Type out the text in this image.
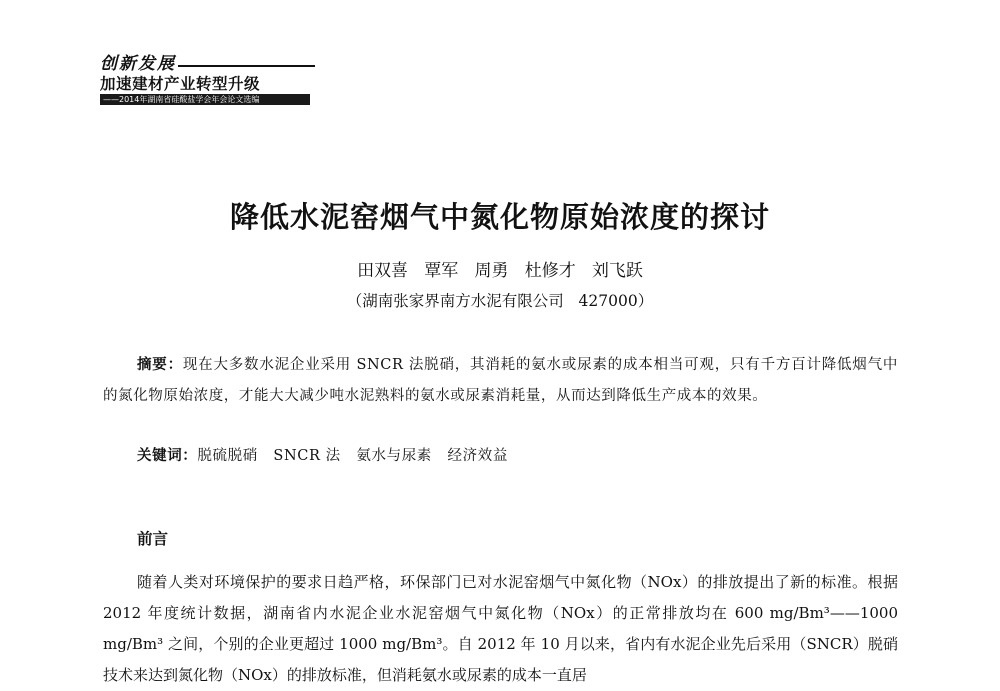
创新发展
加速建材产业转型升级
——2014年湖南省硅酸盐学会年会论文选编
降低水泥窑烟气中氮化物原始浓度的探讨
田双喜   覃军   周勇   杜修才   刘飞跃
（湖南张家界南方水泥有限公司   427000）
摘要：现在大多数水泥企业采用 SNCR 法脱硝，其消耗的氨水或尿素的成本相当可观，只有千方百计降低烟气中的氮化物原始浓度，才能大大减少吨水泥熟料的氨水或尿素消耗量，从而达到降低生产成本的效果。
关键词：脱硫脱硝   SNCR 法   氨水与尿素   经济效益
前言
随着人类对环境保护的要求日趋严格，环保部门已对水泥窑烟气中氮化物（NOx）的排放提出了新的标准。根据 2012 年度统计数据，湖南省内水泥企业水泥窑烟气中氮化物（NOx）的正常排放均在 600 mg/Bm³——1000 mg/Bm³ 之间，个别的企业更超过 1000 mg/Bm³。自 2012 年 10 月以来，省内有水泥企业先后采用（SNCR）脱硝技术来达到氮化物（NOx）的排放标准，但消耗氨水或尿素的成本一直居
